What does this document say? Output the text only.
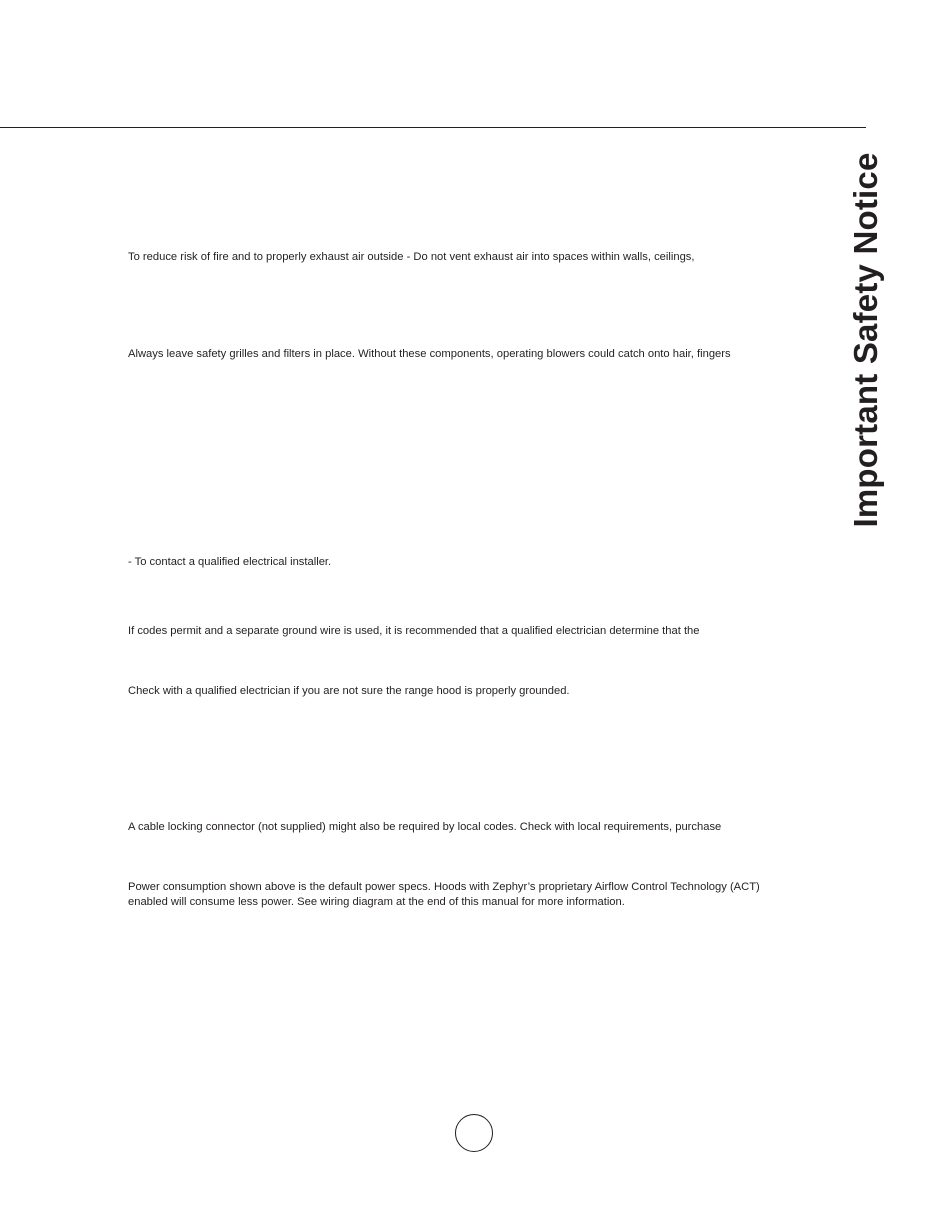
Important Safety Notice

To reduce risk of fire and to properly exhaust air outside - Do not vent exhaust air into spaces within walls, ceilings,

Always leave safety grilles and filters in place. Without these components, operating blowers could catch onto hair, fingers

- To contact a qualified electrical installer.

If codes permit and a separate ground wire is used, it is recommended that a qualified electrician determine that the

Check with a qualified electrician if you are not sure the range hood is properly grounded.

A cable locking connector (not supplied) might also be required by local codes. Check with local requirements, purchase

Power consumption shown above is the default power specs. Hoods with Zephyr’s proprietary Airflow Control Technology (ACT) enabled will consume less power. See wiring diagram at the end of this manual for more information.
